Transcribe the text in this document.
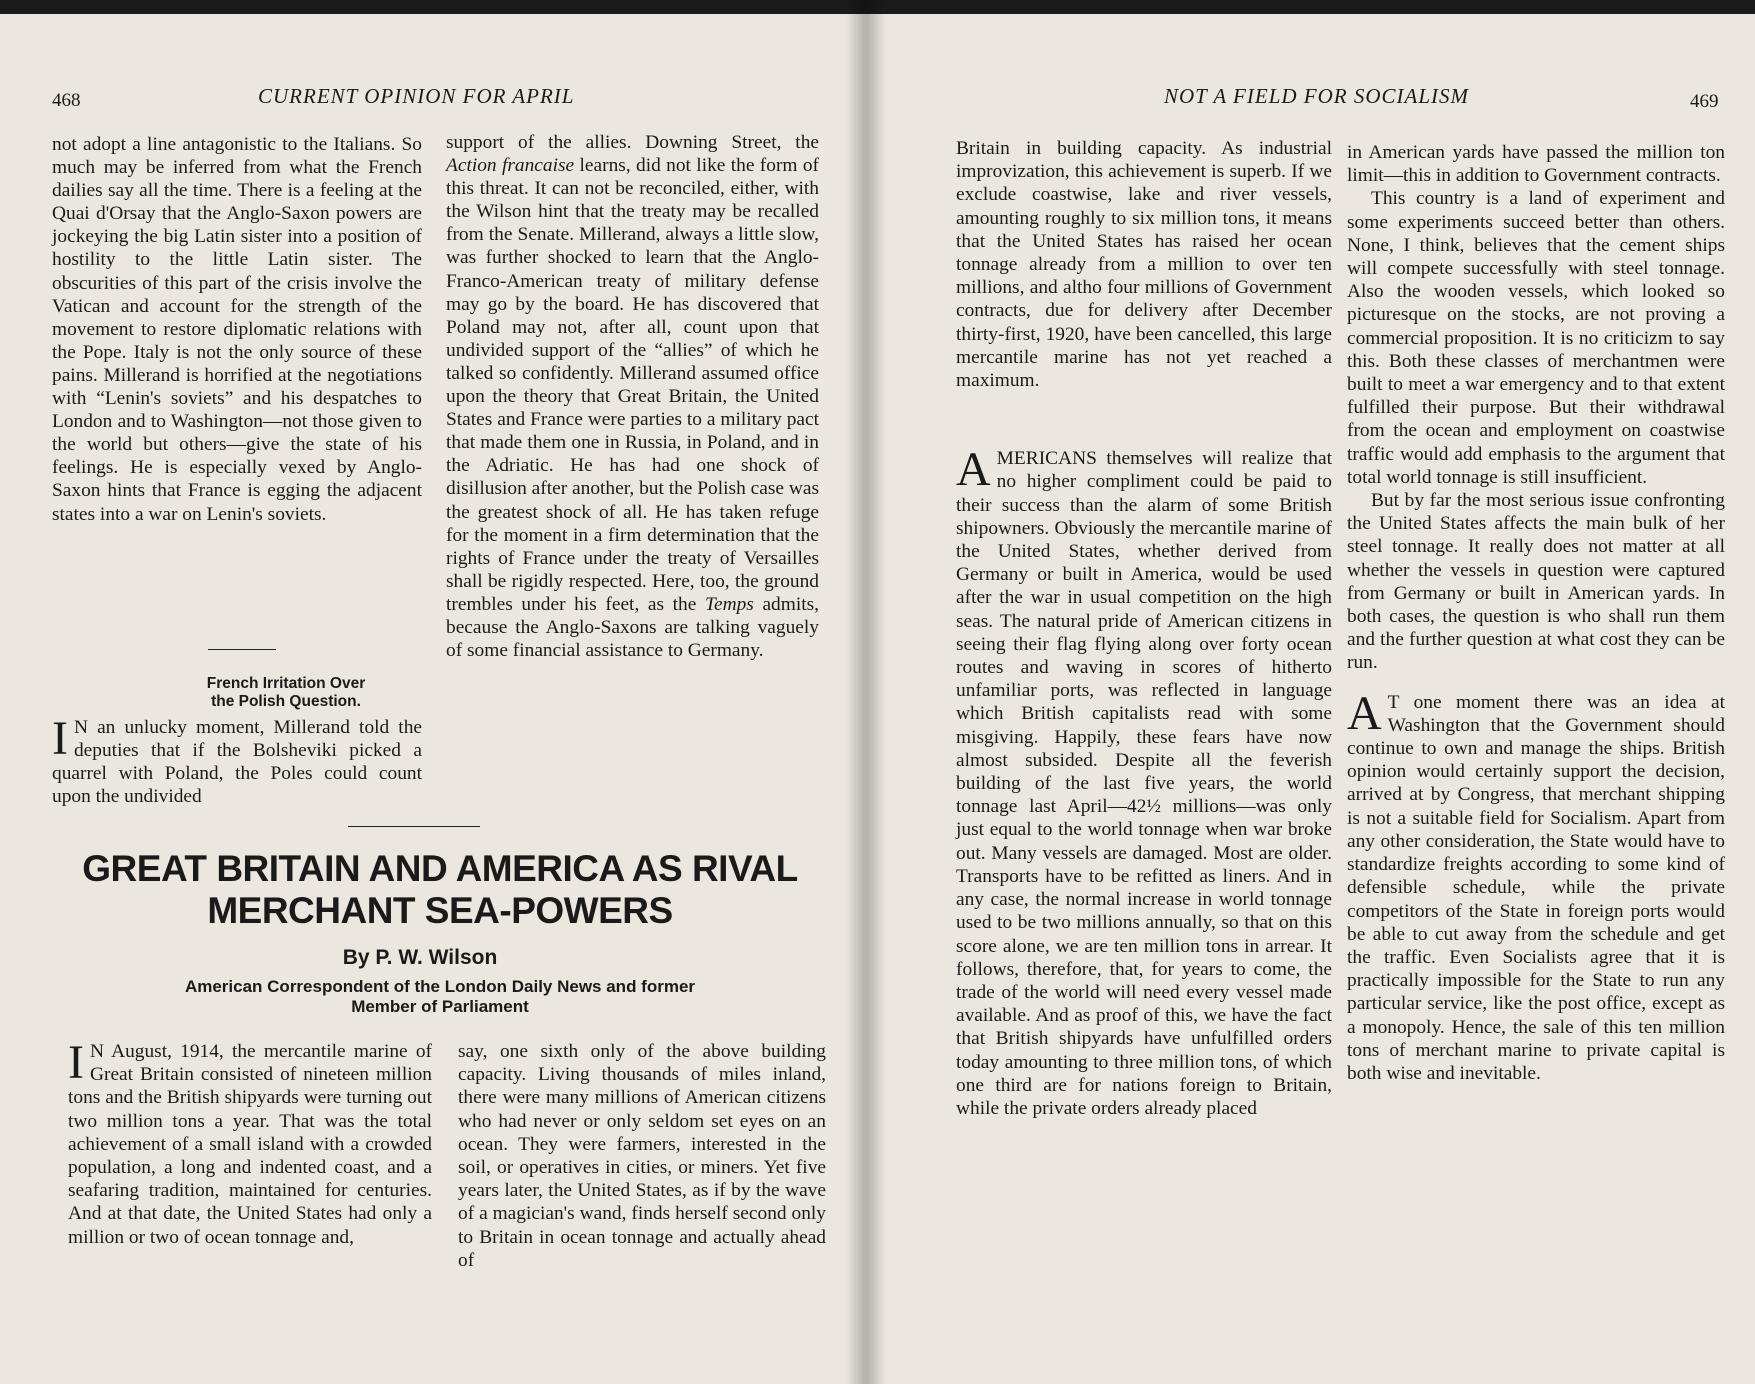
468	CURRENT OPINION FOR APRIL

not adopt a line antagonistic to the Italians. So much may be inferred from what the French dailies say all the time. There is a feeling at the Quai d'Orsay that the Anglo-Saxon powers are jockeying the big Latin sister into a position of hostility to the little Latin sister. The obscurities of this part of the crisis involve the Vatican and account for the strength of the movement to restore diplomatic relations with the Pope. Italy is not the only source of these pains. Millerand is horrified at the negotiations with “Lenin's soviets” and his despatches to London and to Washington—not those given to the world but others—give the state of his feelings. He is especially vexed by Anglo-Saxon hints that France is egging the adjacent states into a war on Lenin's soviets.

French Irritation Over
the Polish Question.

I N an unlucky moment, Millerand told the deputies that if the Bolsheviki picked a quarrel with Poland, the Poles could count upon the undivided

support of the allies. Downing Street, the Action francaise learns, did not like the form of this threat. It can not be reconciled, either, with the Wilson hint that the treaty may be recalled from the Senate. Millerand, always a little slow, was further shocked to learn that the Anglo-Franco-American treaty of military defense may go by the board. He has discovered that Poland may not, after all, count upon that undivided support of the “allies” of which he talked so confidently. Millerand assumed office upon the theory that Great Britain, the United States and France were parties to a military pact that made them one in Russia, in Poland, and in the Adriatic. He has had one shock of disillusion after another, but the Polish case was the greatest shock of all. He has taken refuge for the moment in a firm determination that the rights of France under the treaty of Versailles shall be rigidly respected. Here, too, the ground trembles under his feet, as the Temps admits, because the Anglo-Saxons are talking vaguely of some financial assistance to Germany.

GREAT BRITAIN AND AMERICA AS RIVAL
MERCHANT SEA-POWERS
By P. W. Wilson
American Correspondent of the London Daily News and former
Member of Parliament

I N August, 1914, the mercantile marine of Great Britain consisted of nineteen million tons and the British shipyards were turning out two million tons a year. That was the total achievement of a small island with a crowded population, a long and indented coast, and a seafaring tradition, maintained for centuries. And at that date, the United States had only a million or two of ocean tonnage and,

say, one sixth only of the above building capacity. Living thousands of miles inland, there were many millions of American citizens who had never or only seldom set eyes on an ocean. They were farmers, interested in the soil, or operatives in cities, or miners. Yet five years later, the United States, as if by the wave of a magician's wand, finds herself second only to Britain in ocean tonnage and actually ahead of

NOT A FIELD FOR SOCIALISM	469

Britain in building capacity. As industrial improvization, this achievement is superb. If we exclude coastwise, lake and river vessels, amounting roughly to six million tons, it means that the United States has raised her ocean tonnage already from a million to over ten millions, and altho four millions of Government contracts, due for delivery after December thirty-first, 1920, have been cancelled, this large mercantile marine has not yet reached a maximum.

AMERICANS themselves will realize that no higher compliment could be paid to their success than the alarm of some British shipowners. Obviously the mercantile marine of the United States, whether derived from Germany or built in America, would be used after the war in usual competition on the high seas. The natural pride of American citizens in seeing their flag flying along over forty ocean routes and waving in scores of hitherto unfamiliar ports, was reflected in language which British capitalists read with some misgiving. Happily, these fears have now almost subsided. Despite all the feverish building of the last five years, the world tonnage last April—42½ millions—was only just equal to the world tonnage when war broke out. Many vessels are damaged. Most are older. Transports have to be refitted as liners. And in any case, the normal increase in world tonnage used to be two millions annually, so that on this score alone, we are ten million tons in arrear. It follows, therefore, that, for years to come, the trade of the world will need every vessel made available. And as proof of this, we have the fact that British shipyards have unfulfilled orders today amounting to three million tons, of which one third are for nations foreign to Britain, while the private orders already placed

in American yards have passed the million ton limit—this in addition to Government contracts.

This country is a land of experiment and some experiments succeed better than others. None, I think, believes that the cement ships will compete successfully with steel tonnage. Also the wooden vessels, which looked so picturesque on the stocks, are not proving a commercial proposition. It is no criticizm to say this. Both these classes of merchantmen were built to meet a war emergency and to that extent fulfilled their purpose. But their withdrawal from the ocean and employment on coastwise traffic would add emphasis to the argument that total world tonnage is still insufficient.

But by far the most serious issue confronting the United States affects the main bulk of her steel tonnage. It really does not matter at all whether the vessels in question were captured from Germany or built in American yards. In both cases, the question is who shall run them and the further question at what cost they can be run.

A T one moment there was an idea at Washington that the Government should continue to own and manage the ships. British opinion would certainly support the decision, arrived at by Congress, that merchant shipping is not a suitable field for Socialism. Apart from any other consideration, the State would have to standardize freights according to some kind of defensible schedule, while the private competitors of the State in foreign ports would be able to cut away from the schedule and get the traffic. Even Socialists agree that it is practically impossible for the State to run any particular service, like the post office, except as a monopoly. Hence, the sale of this ten million tons of merchant marine to private capital is both wise and inevitable.
